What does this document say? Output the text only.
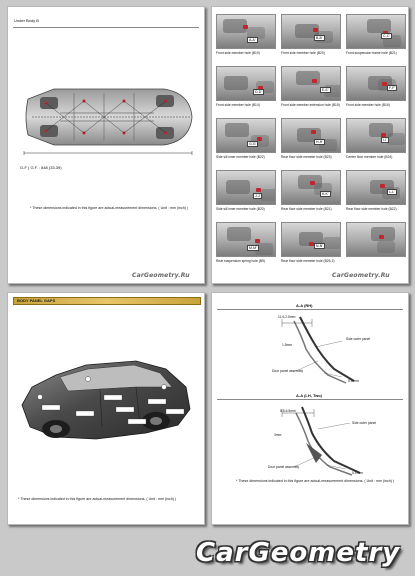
Under Body B
G-F ( G.F. : 848 (33.39)
* These dimensions indicated in this figure are actual-measurement dimensions. ( Unit : mm (inch) )
CarGeometry.Ru
A-A'
Front side member hole (B19)
B-B'
Front side member hole (B20)
C-C'
Front suspension frame hole (B21)
D-D'
Front side member hole (B14)
E-E'
Front side member extension hole (B15)
F-F'
Front side member hole (B16)
G-G'
Side sill inner member hole (B22)
H-H'
Rear floor side member hole (B23)
I-I'
Center floor member hole (B24)
J-J'
Side sill inner member hole (B20)
K-K'
Rear floor side member hole (B21)
L-L'
Rear floor side member hole (B22)
M-M'
Rear suspension spring hole (B9)
N-N'
Rear floor side member hole (B25-1)
CarGeometry.Ru
BODY PANEL GAPS
* These dimensions indicated in this figure are actual-measurement dimensions. ( Unit : mm (inch) )
A-A (RH)
11.6-2.5mm
Side outer panel
Door panel assembly
1.5mm
5.5 mm
A-A (LH, Two)
5.5-6.5mm
3mm
Side outer panel
Door panel assembly
5.5 mm
* These dimensions indicated in this figure are actual-measurement dimensions. ( Unit : mm (inch) )
CarGeometry
